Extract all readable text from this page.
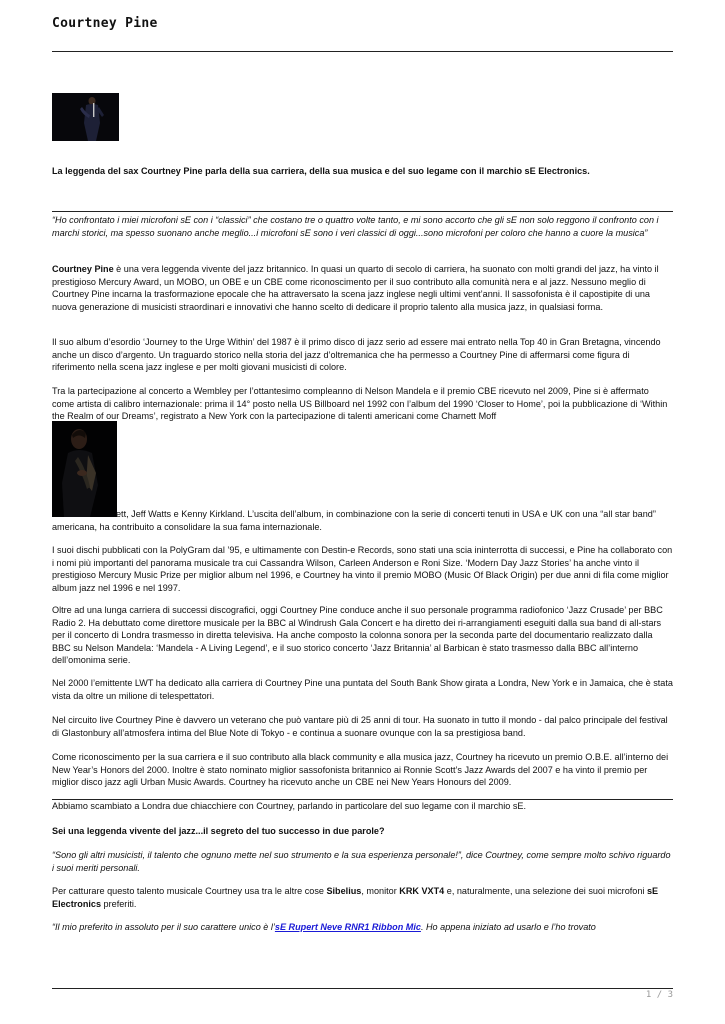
Courtney Pine

La leggenda del sax Courtney Pine parla della sua carriera, della sua musica e del suo legame con il marchio sE Electronics.

“Ho confrontato i miei microfoni sE con i “classici” che costano tre o quattro volte tanto, e mi sono accorto che gli sE non solo reggono il confronto con i marchi storici, ma spesso suonano anche meglio...i microfoni sE sono i veri classici di oggi...sono microfoni per coloro che hanno a cuore la musica”

Courtney Pine è una vera leggenda vivente del jazz britannico. In quasi un quarto di secolo di carriera, ha suonato con molti grandi del jazz, ha vinto il prestigioso Mercury Award, un MOBO, un OBE e un CBE come riconoscimento per il suo contributo alla comunità nera e al jazz. Nessuno meglio di Courtney Pine incarna la trasformazione epocale che ha attraversato la scena jazz inglese negli ultimi vent’anni. Il sassofonista è il capostipite di una nuova generazione di musicisti straordinari e innovativi che hanno scelto di dedicare il proprio talento alla musica jazz, in qualsiasi forma.

Il suo album d’esordio ‘Journey to the Urge Within’ del 1987 è il primo disco di jazz serio ad essere mai entrato nella Top 40 in Gran Bretagna, vincendo anche un disco d’argento. Un traguardo storico nella storia del jazz d’oltremanica che ha permesso a Courtney Pine di affermarsi come figura di riferimento nella scena jazz inglese e per molti giovani musicisti di colore.

Tra la partecipazione al concerto a Wembley per l’ottantesimo compleanno di Nelson Mandela e il premio CBE ricevuto nel 2009, Pine si è affermato come artista di calibro internazionale: prima il 14° posto nella US Billboard nel 1992 con l’album del 1990 ‘Closer to Home’, poi la pubblicazione di ‘Within the Realm of our Dreams’, registrato a New York con la partecipazione di talenti americani come Charnett Moff

ett, Jeff Watts e Kenny Kirkland. L’uscita dell’album, in combinazione con la serie di concerti tenuti in USA e UK con una “all star band” americana, ha contribuito a consolidare la sua fama internazionale.

I suoi dischi pubblicati con la PolyGram dal ’95, e ultimamente con Destin-e Records, sono stati una scia ininterrotta di successi, e Pine ha collaborato con i nomi più importanti del panorama musicale tra cui Cassandra Wilson, Carleen Anderson e Roni Size. ‘Modern Day Jazz Stories’ ha anche vinto il prestigioso Mercury Music Prize per miglior album nel 1996, e Courtney ha vinto il premio MOBO (Music Of Black Origin) per due anni di fila come miglior album jazz nel 1996 e nel 1997.

Oltre ad una lunga carriera di successi discografici, oggi Courtney Pine conduce anche il suo personale programma radiofonico ‘Jazz Crusade’ per BBC Radio 2. Ha debuttato come direttore musicale per la BBC al Windrush Gala Concert e ha diretto dei ri-arrangiamenti eseguiti dalla sua band di all-stars per il concerto di Londra trasmesso in diretta televisiva. Ha anche composto la colonna sonora per la seconda parte del documentario realizzato dalla BBC su Nelson Mandela: ‘Mandela - A Living Legend’, e il suo storico concerto ‘Jazz Britannia’ al Barbican è stato trasmesso dalla BBC all’interno dell’omonima serie.

Nel 2000 l’emittente LWT ha dedicato alla carriera di Courtney Pine una puntata del South Bank Show girata a Londra, New York e in Jamaica, che è stata vista da oltre un milione di telespettatori.

Nel circuito live Courtney Pine è davvero un veterano che può vantare più di 25 anni di tour. Ha suonato in tutto il mondo - dal palco principale del festival di Glastonbury all’atmosfera intima del Blue Note di Tokyo - e continua a suonare ovunque con la sa prestigiosa band.

Come riconoscimento per la sua carriera e il suo contributo alla black community e alla musica jazz, Courtney ha ricevuto un premio O.B.E. all’interno dei New Year’s Honors del 2000. Inoltre è stato nominato miglior sassofonista britannico ai Ronnie Scott’s Jazz Awards del 2007 e ha vinto il premio per miglior disco jazz agli Urban Music Awards. Courtney ha ricevuto anche un CBE nei New Years Honours del 2009.

Abbiamo scambiato a Londra due chiacchiere con Courtney, parlando in particolare del suo legame con il marchio sE.

Sei una leggenda vivente del jazz...il segreto del tuo successo in due parole?

“Sono gli altri musicisti, il talento che ognuno mette nel suo strumento e la sua esperienza personale!”, dice Courtney, come sempre molto schivo riguardo i suoi meriti personali.

Per catturare questo talento musicale Courtney usa tra le altre cose Sibelius, monitor KRK VXT4 e, naturalmente, una selezione dei suoi microfoni sE Electronics preferiti.

“Il mio preferito in assoluto per il suo carattere unico è l’sE Rupert Neve RNR1 Ribbon Mic. Ho appena iniziato ad usarlo e l’ho trovato

1 / 3
